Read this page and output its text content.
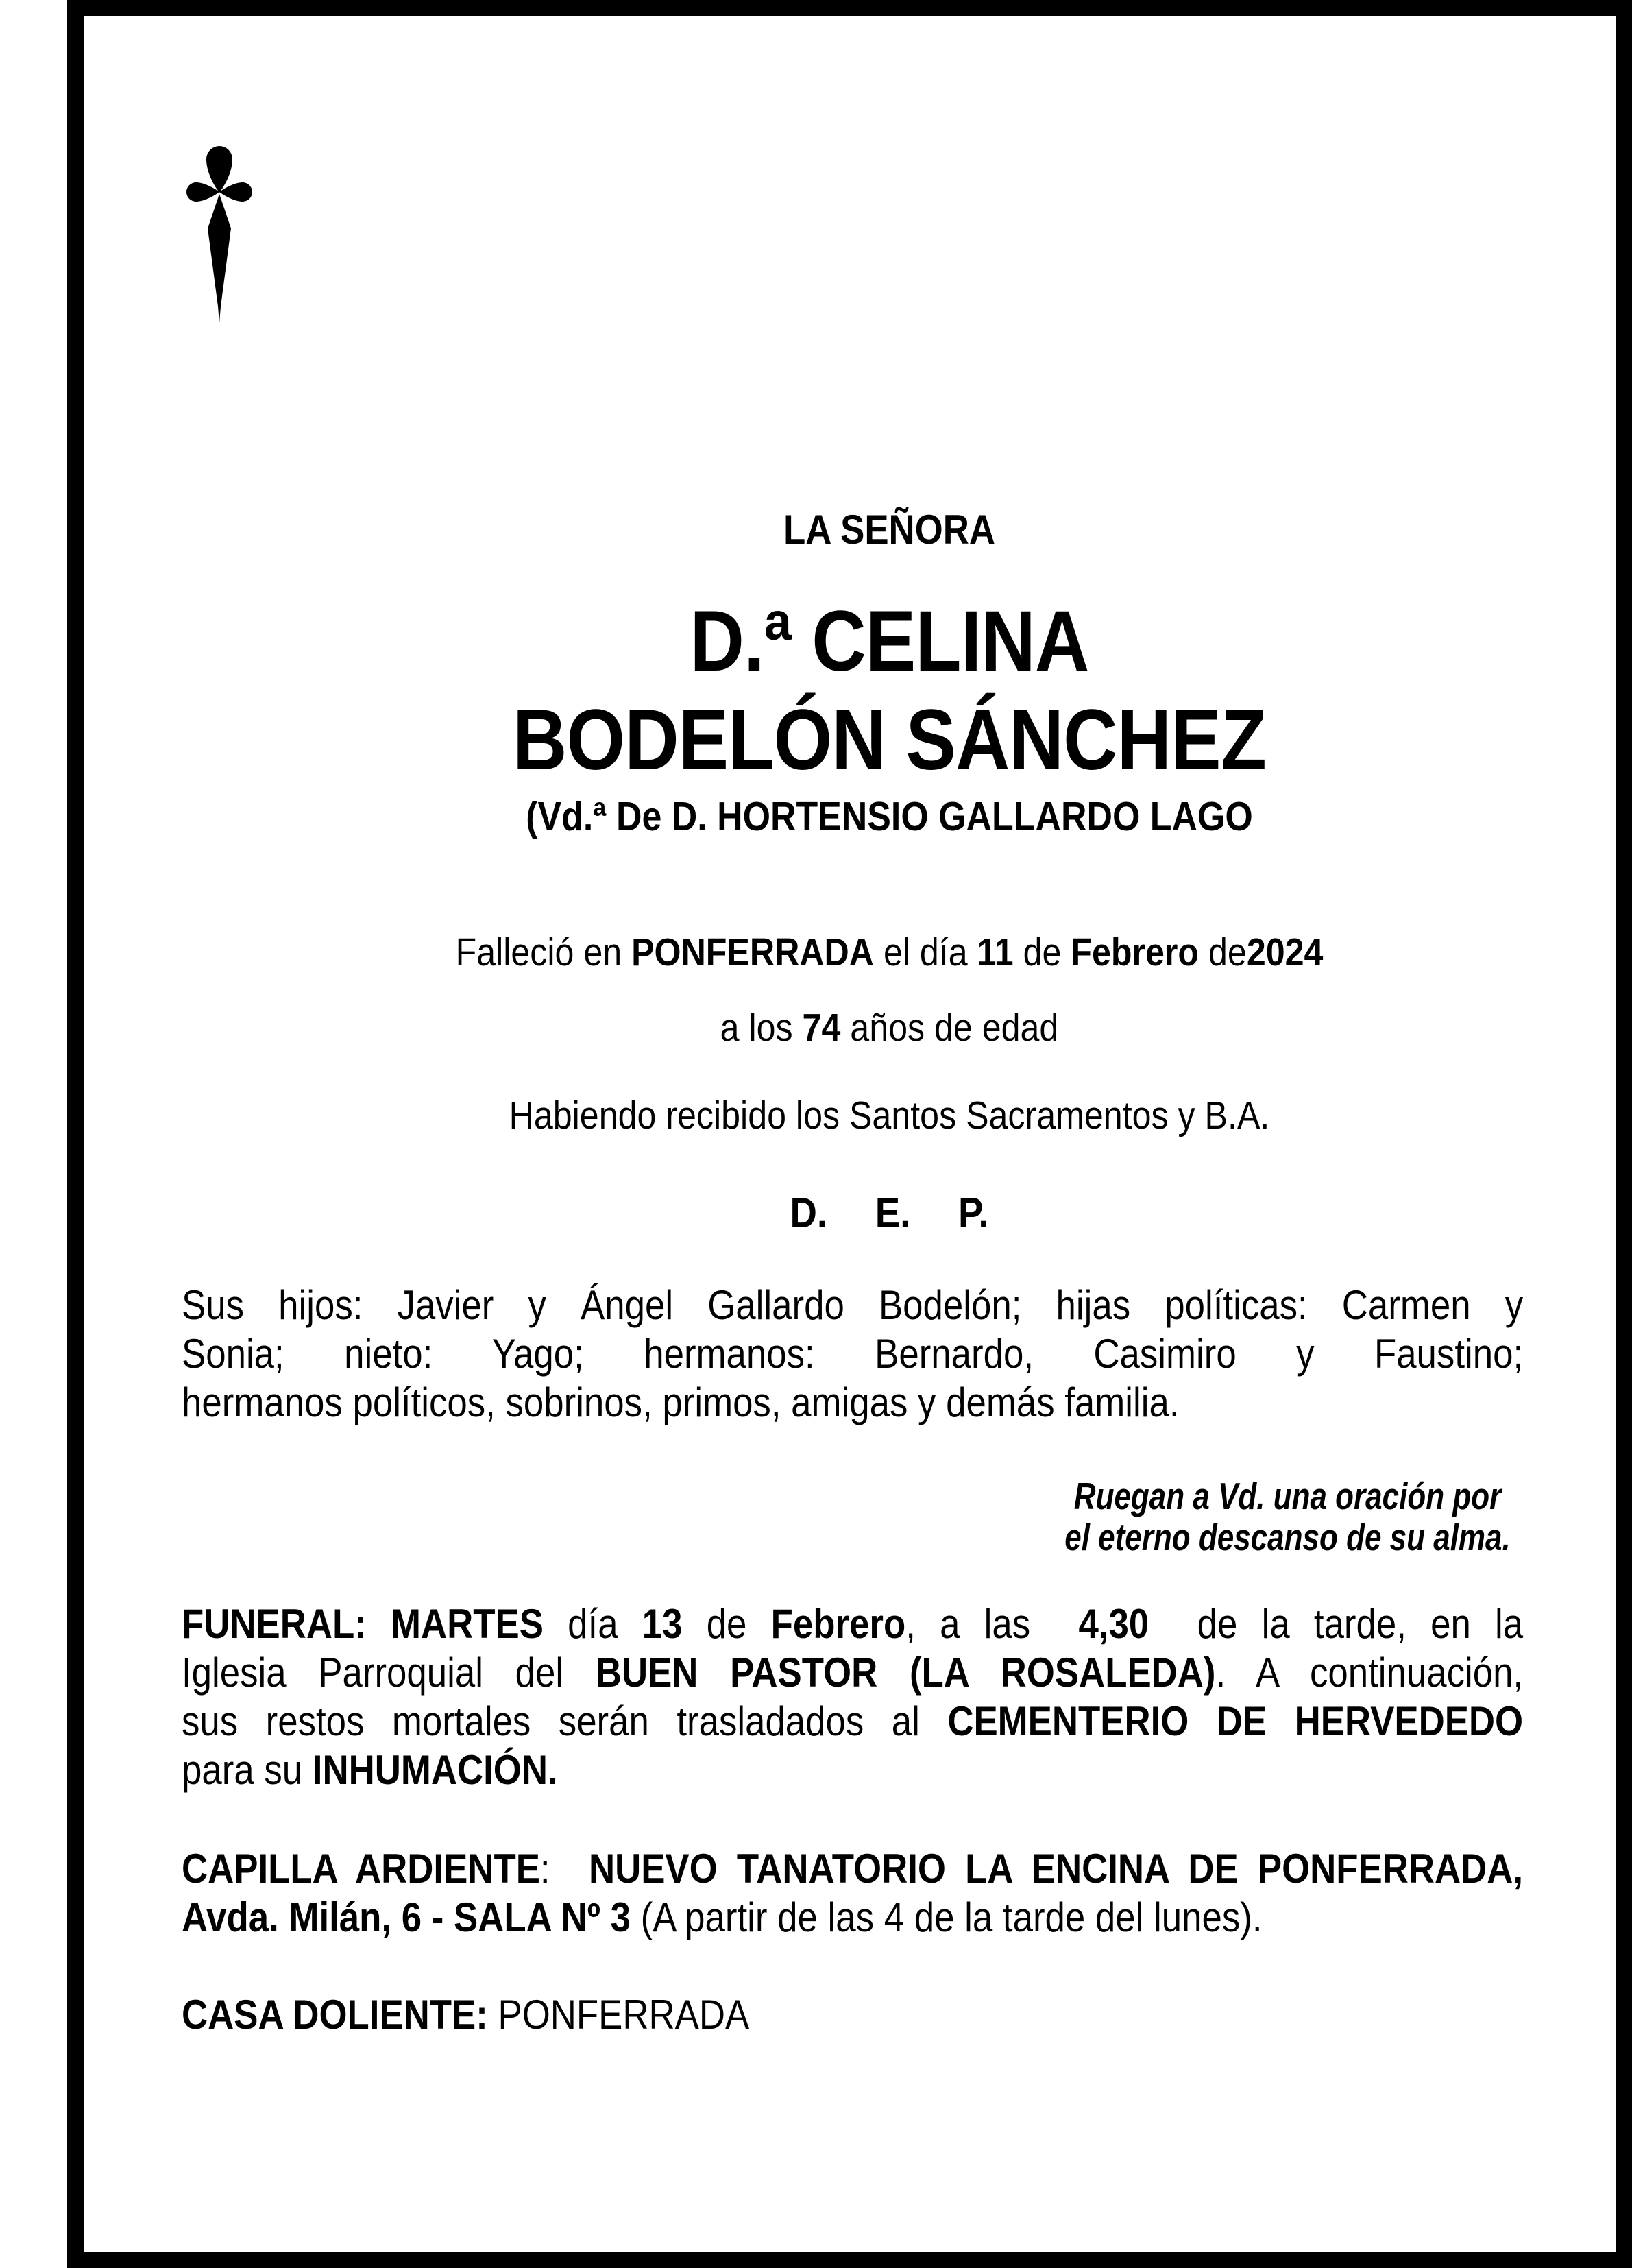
LA SEÑORA
D.ª CELINA
BODELÓN SÁNCHEZ
(Vd.ª De D. HORTENSIO GALLARDO LAGO
Falleció en PONFERRADA el día 11 de Febrero de2024
a los 74 años de edad
Habiendo recibido los Santos Sacramentos y B.A.
D. E. P.
Sus hijos: Javier y Ángel Gallardo Bodelón; hijas políticas: Carmen y
Sonia; nieto: Yago; hermanos: Bernardo, Casimiro y Faustino;
hermanos políticos, sobrinos, primos, amigas y demás familia.
Ruegan a Vd. una oración por
el eterno descanso de su alma.
FUNERAL: MARTES día 13 de Febrero, a las  4,30  de la tarde, en la
Iglesia Parroquial del BUEN PASTOR (LA ROSALEDA). A continuación,
sus restos mortales serán trasladados al CEMENTERIO DE HERVEDEDO
para su INHUMACIÓN.
CAPILLA ARDIENTE:  NUEVO TANATORIO LA ENCINA DE PONFERRADA,
Avda. Milán, 6 - SALA Nº 3 (A partir de las 4 de la tarde del lunes).
CASA DOLIENTE: PONFERRADA
